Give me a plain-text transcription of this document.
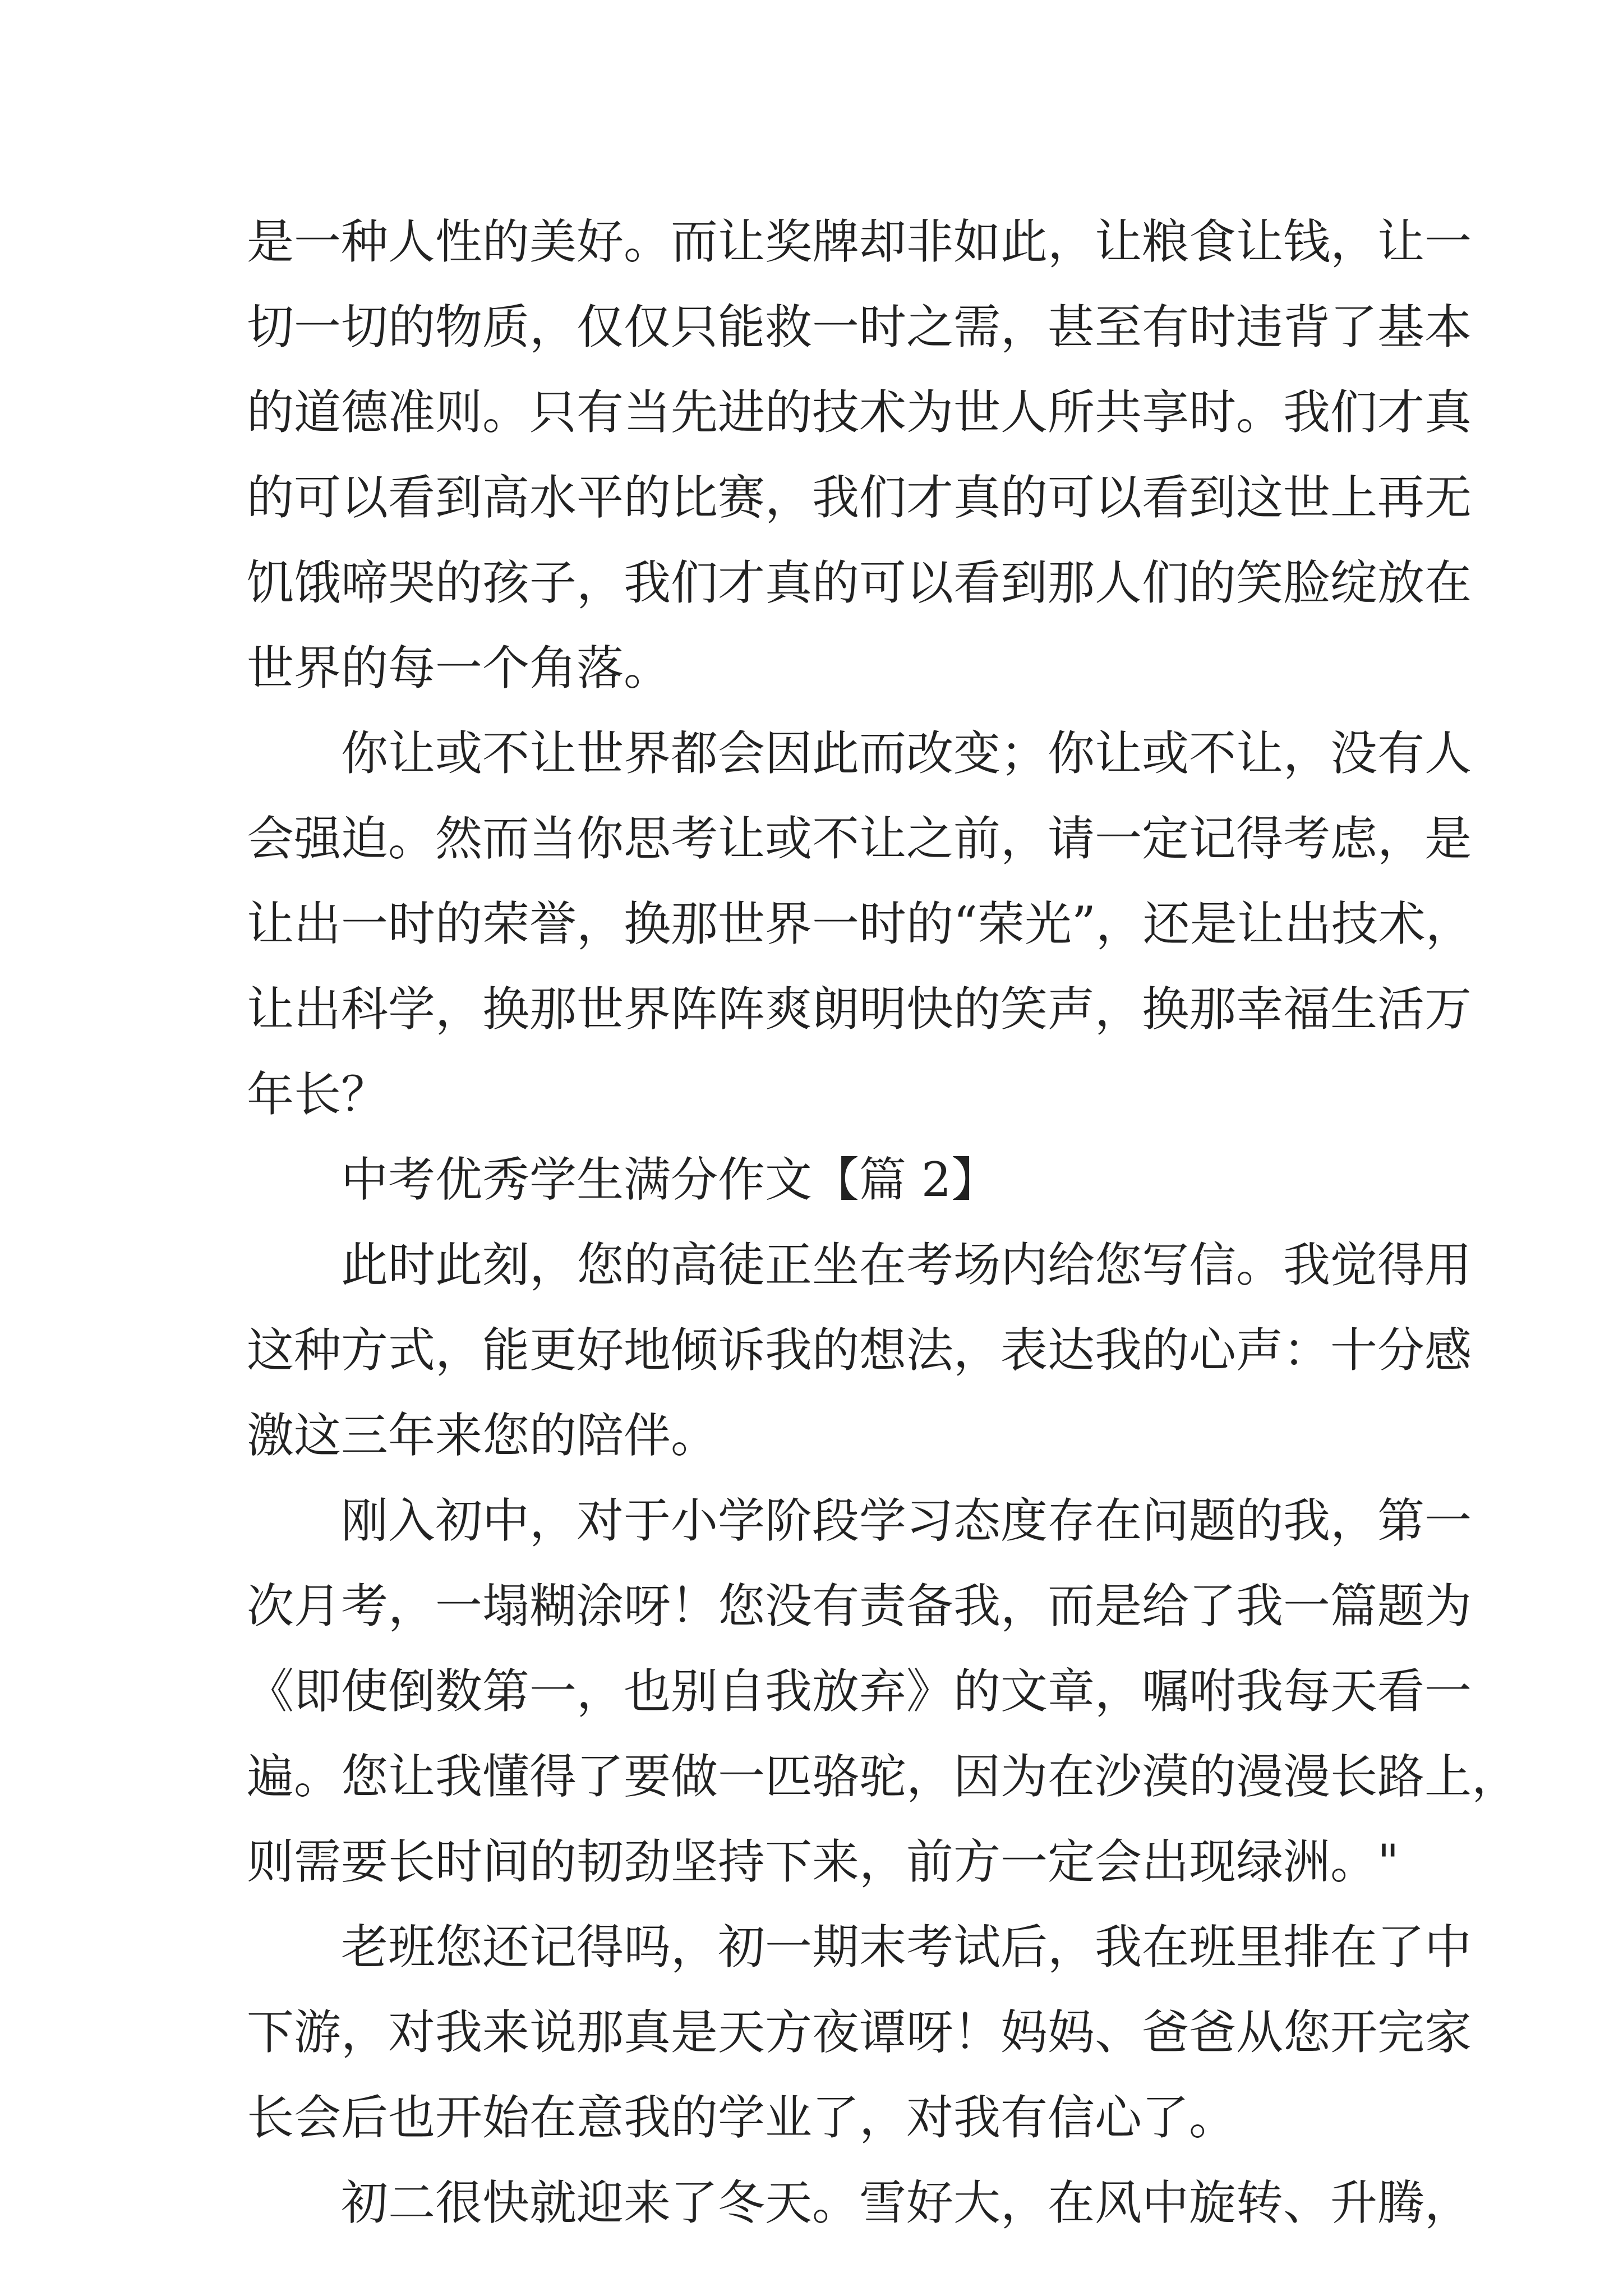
是一种人性的美好。而让奖牌却非如此，让粮食让钱，让一
切一切的物质，仅仅只能救一时之需，甚至有时违背了基本
的道德准则。只有当先进的技术为世人所共享时。我们才真
的可以看到高水平的比赛，我们才真的可以看到这世上再无
饥饿啼哭的孩子，我们才真的可以看到那人们的笑脸绽放在
世界的每一个角落。
你让或不让世界都会因此而改变；你让或不让，没有人
会强迫。然而当你思考让或不让之前，请一定记得考虑，是
让出一时的荣誉，换那世界一时的“荣光”，还是让出技术，
让出科学，换那世界阵阵爽朗明快的笑声，换那幸福生活万
年长？
中考优秀学生满分作文【篇 2】
此时此刻，您的高徒正坐在考场内给您写信。我觉得用
这种方式，能更好地倾诉我的想法，表达我的心声：十分感
激这三年来您的陪伴。
刚入初中，对于小学阶段学习态度存在问题的我，第一
次月考，一塌糊涂呀！您没有责备我，而是给了我一篇题为
《即使倒数第一，也别自我放弃》的文章，嘱咐我每天看一
遍。您让我懂得了要做一匹骆驼，因为在沙漠的漫漫长路上，
则需要长时间的韧劲坚持下来，前方一定会出现绿洲。"
老班您还记得吗，初一期末考试后，我在班里排在了中
下游，对我来说那真是天方夜谭呀！妈妈、爸爸从您开完家
长会后也开始在意我的学业了，对我有信心了。
初二很快就迎来了冬天。雪好大，在风中旋转、升腾，
